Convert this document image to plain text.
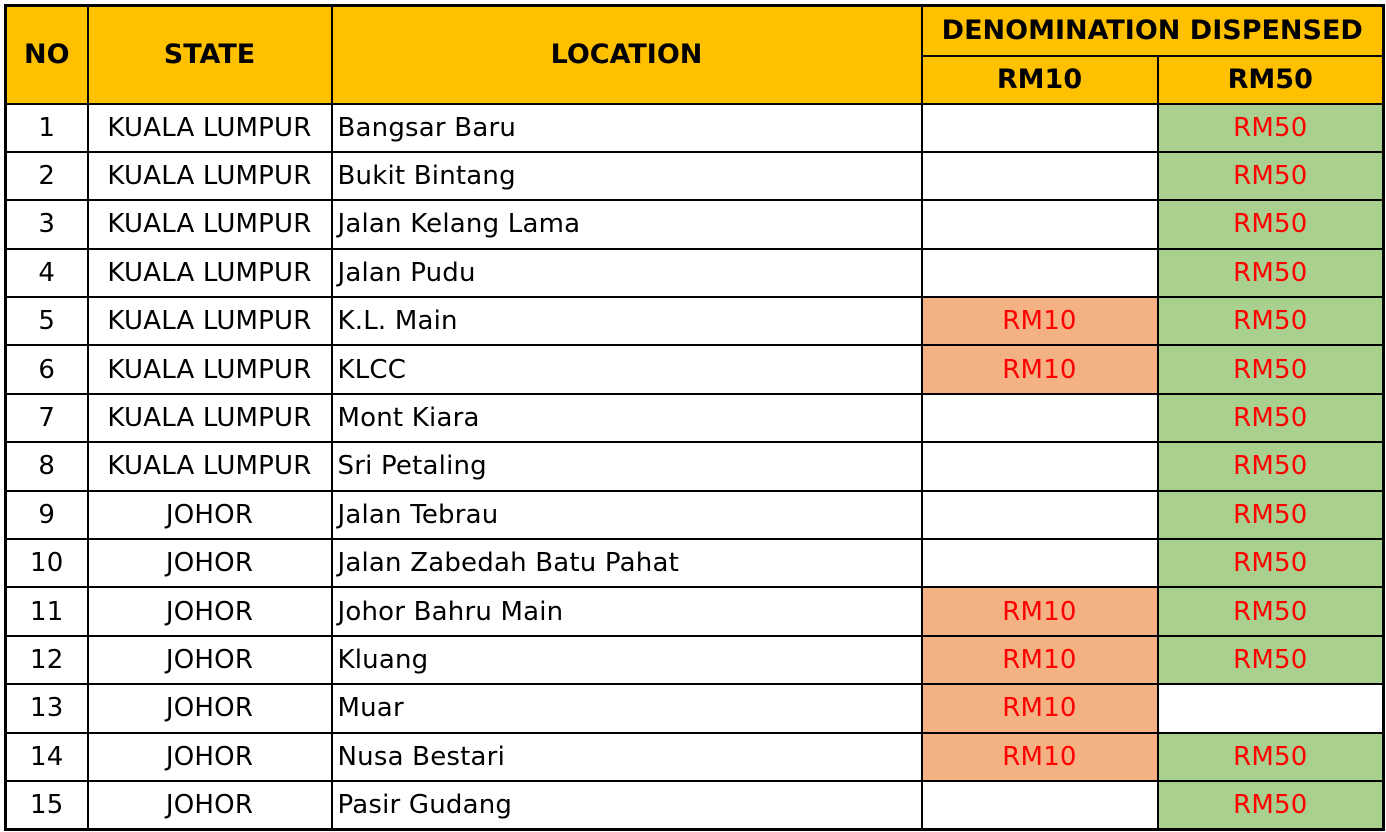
NO	STATE	LOCATION	DENOMINATION DISPENSED	
			RM10	RM50
1	KUALA LUMPUR	Bangsar Baru		RM50
2	KUALA LUMPUR	Bukit Bintang		RM50
3	KUALA LUMPUR	Jalan Kelang Lama		RM50
4	KUALA LUMPUR	Jalan Pudu		RM50
5	KUALA LUMPUR	K.L. Main	RM10	RM50
6	KUALA LUMPUR	KLCC	RM10	RM50
7	KUALA LUMPUR	Mont Kiara		RM50
8	KUALA LUMPUR	Sri Petaling		RM50
9	JOHOR	Jalan Tebrau		RM50
10	JOHOR	Jalan Zabedah Batu Pahat		RM50
11	JOHOR	Johor Bahru Main	RM10	RM50
12	JOHOR	Kluang	RM10	RM50
13	JOHOR	Muar	RM10	
14	JOHOR	Nusa Bestari	RM10	RM50
15	JOHOR	Pasir Gudang		RM50
